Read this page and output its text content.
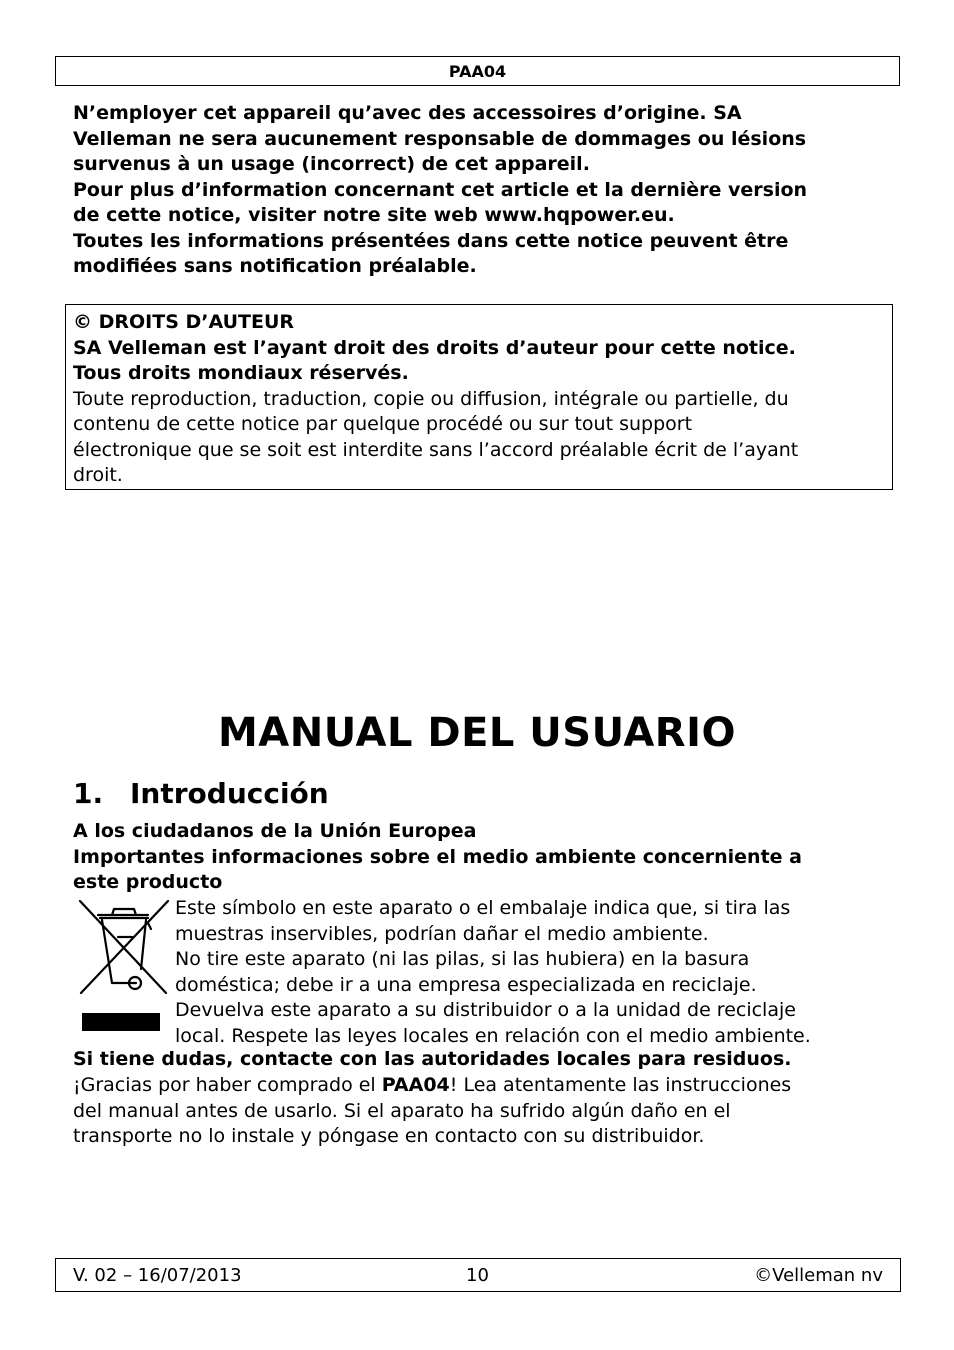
PAA04
N’employer cet appareil qu’avec des accessoires d’origine. SA
Velleman ne sera aucunement responsable de dommages ou lésions
survenus à un usage (incorrect) de cet appareil.
Pour plus d’information concernant cet article et la dernière version
de cette notice, visiter notre site web www.hqpower.eu.
Toutes les informations présentées dans cette notice peuvent être
modifiées sans notification préalable.
© DROITS D’AUTEUR
SA Velleman est l’ayant droit des droits d’auteur pour cette notice.
Tous droits mondiaux réservés.
Toute reproduction, traduction, copie ou diffusion, intégrale ou partielle, du
contenu de cette notice par quelque procédé ou sur tout support
électronique que se soit est interdite sans l’accord préalable écrit de l’ayant
droit.
MANUAL DEL USUARIO
1. Introducción
A los ciudadanos de la Unión Europea
Importantes informaciones sobre el medio ambiente concerniente a
este producto
Este símbolo en este aparato o el embalaje indica que, si tira las
muestras inservibles, podrían dañar el medio ambiente.
No tire este aparato (ni las pilas, si las hubiera) en la basura
doméstica; debe ir a una empresa especializada en reciclaje.
Devuelva este aparato a su distribuidor o a la unidad de reciclaje
local. Respete las leyes locales en relación con el medio ambiente.
Si tiene dudas, contacte con las autoridades locales para residuos.
¡Gracias por haber comprado el PAA04! Lea atentamente las instrucciones
del manual antes de usarlo. Si el aparato ha sufrido algún daño en el
transporte no lo instale y póngase en contacto con su distribuidor.
V. 02 – 16/07/2013	10	©Velleman nv
